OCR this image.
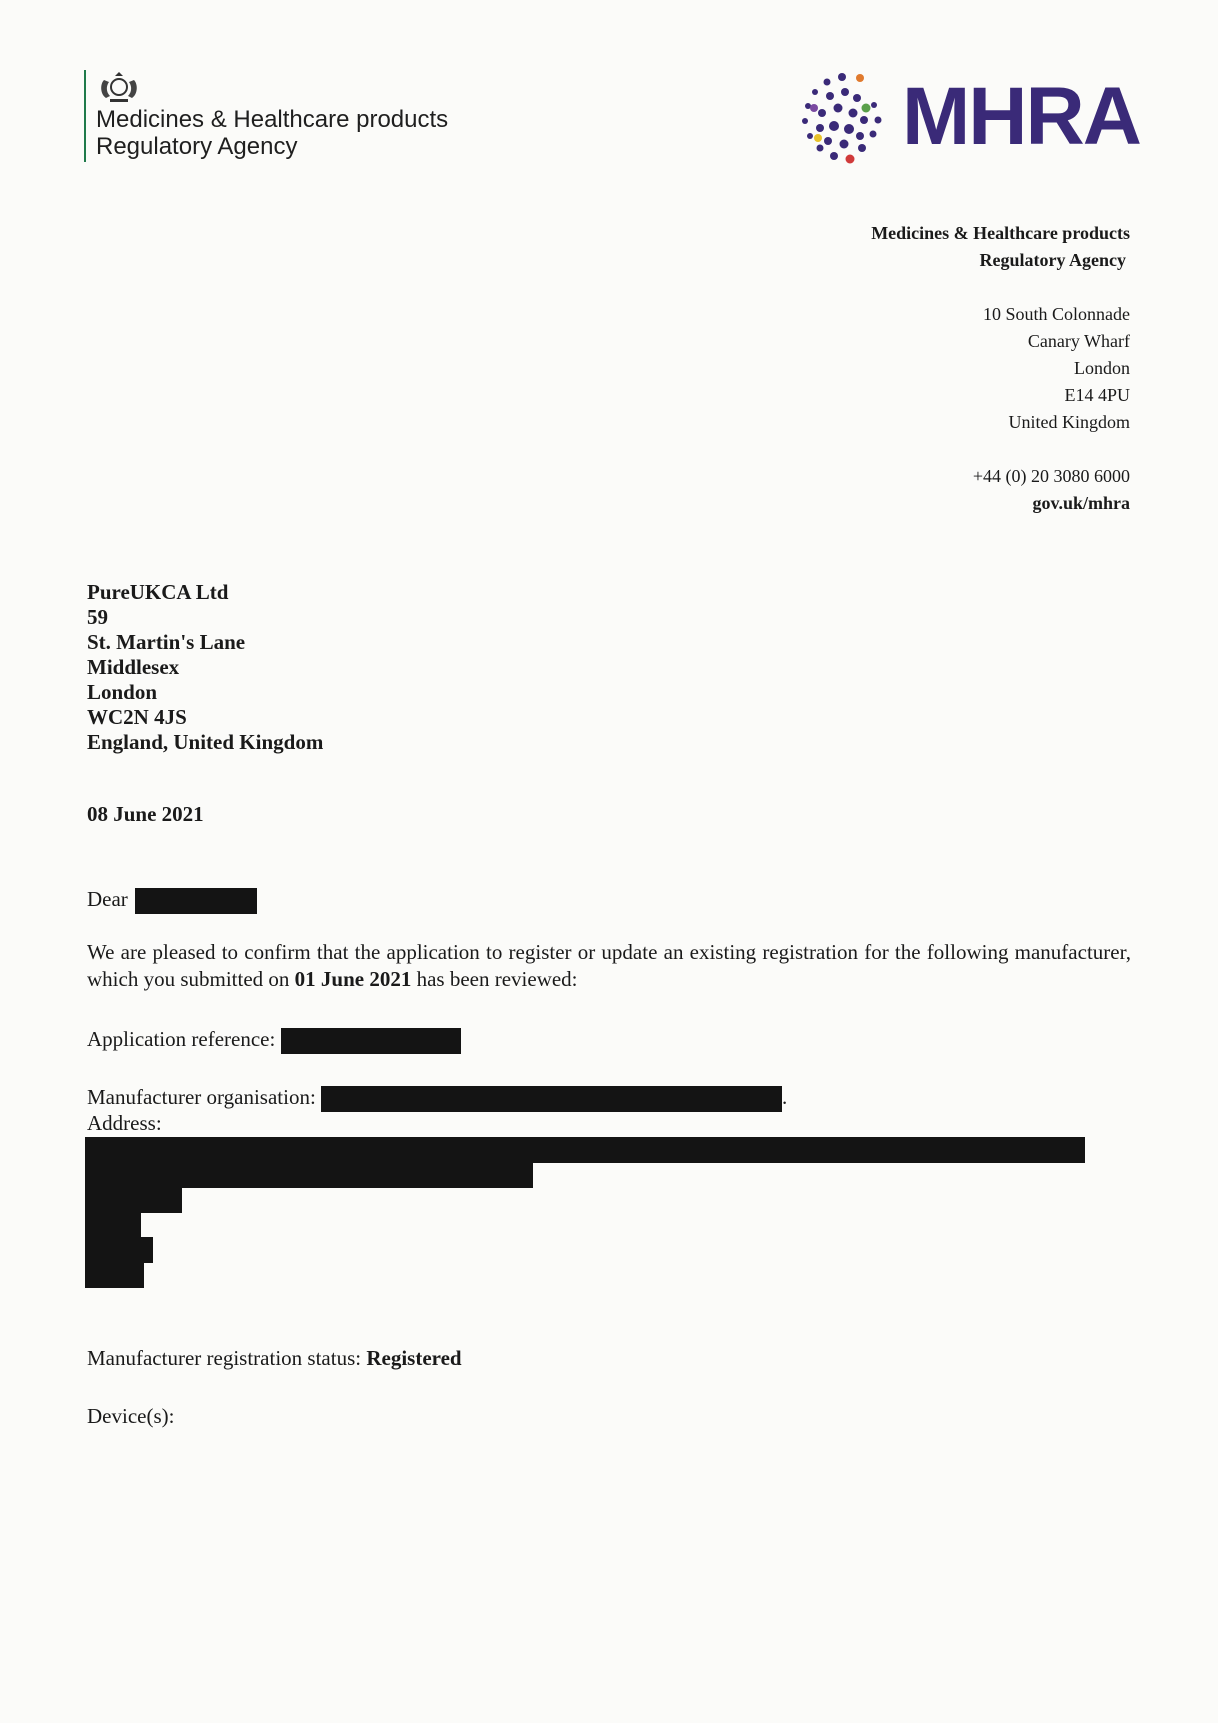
Medicines & Healthcare products
Regulatory Agency	MHRA
Medicines & Healthcare products
Regulatory Agency
10 South Colonnade
Canary Wharf
London
E14 4PU
United Kingdom
+44 (0) 20 3080 6000
gov.uk/mhra
PureUKCA Ltd
59
St. Martin's Lane
Middlesex
London
WC2N 4JS
England, United Kingdom
08 June 2021
Dear
We are pleased to confirm that the application to register or update an existing registration for the following manufacturer, which you submitted on 01 June 2021 has been reviewed:
Application reference:
Manufacturer organisation:	.
Address:
Manufacturer registration status: Registered
Device(s):
